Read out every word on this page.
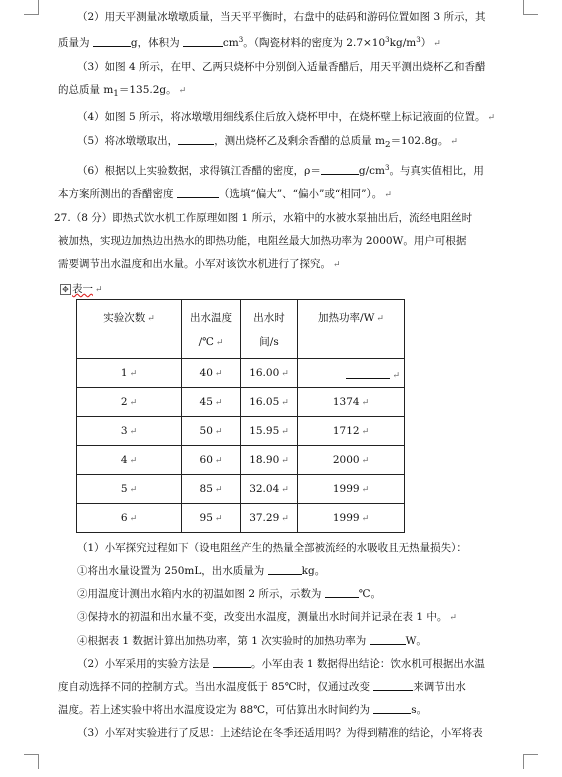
（2）用天平测量冰墩墩质量，当天平平衡时，右盘中的砝码和游码位置如图 3 所示，其

质量为	g，体积为	$cm^3$。（陶瓷材料的密度为 $2.7\times 10^3kg/m^3$） ↵

（3）如图 4 所示，在甲、乙两只烧杯中分别倒入适量香醋后，用天平测出烧杯乙和香醋

的总质量 $m_1=135.2g$。 ↵

（4）如图 5 所示，将冰墩墩用细线系住后放入烧杯甲中，在烧杯壁上标记液面的位置。 ↵

（5）将冰墩墩取出，	，测出烧杯乙及剩余香醋的总质量 $m_2=102.8g$。 ↵

（6）根据以上实验数据，求得镇江香醋的密度，ρ＝	$g/cm^3$。与真实值相比，用

本方案所测出的香醋密度	（选填“偏大”、“偏小”或“相同”）。 ↵

27.（8 分）即热式饮水机工作原理如图 1 所示，水箱中的水被水泵抽出后，流经电阻丝时

被加热，实现边加热边出热水的即热功能，电阻丝最大加热功率为 2000W。用户可根据

需要调节出水温度和出水量。小军对该饮水机进行了探究。 ↵

✥ 表一 ↵
实验次数 ↵	出水温度
/℃ ↵	出水时间/s	加热功率/W ↵
1 ↵	40 ↵	16.00 ↵	↵
2 ↵	45 ↵	16.05 ↵	1374 ↵
3 ↵	50 ↵	15.95 ↵	1712 ↵
4 ↵	60 ↵	18.90 ↵	2000 ↵
5 ↵	85 ↵	32.04 ↵	1999 ↵
6 ↵	95 ↵	37.29 ↵	1999 ↵

（1）小军探究过程如下（设电阻丝产生的热量全部被流经的水吸收且无热量损失）：

①将出水量设置为 250mL，出水质量为	kg。

②用温度计测出水箱内水的初温如图 2 所示，示数为	℃。

③保持水的初温和出水量不变，改变出水温度，测量出水时间并记录在表 1 中。 ↵

④根据表 1 数据计算出加热功率，第 1 次实验时的加热功率为	W。

（2）小军采用的实验方法是	。小军由表 1 数据得出结论：饮水机可根据出水温

度自动选择不同的控制方式。当出水温度低于 85℃时，仅通过改变	来调节出水

温度。若上述实验中将出水温度设定为 88℃，可估算出水时间约为	s。

（3）小军对实验进行了反思：上述结论在冬季还适用吗？为得到精准的结论，小军将表
